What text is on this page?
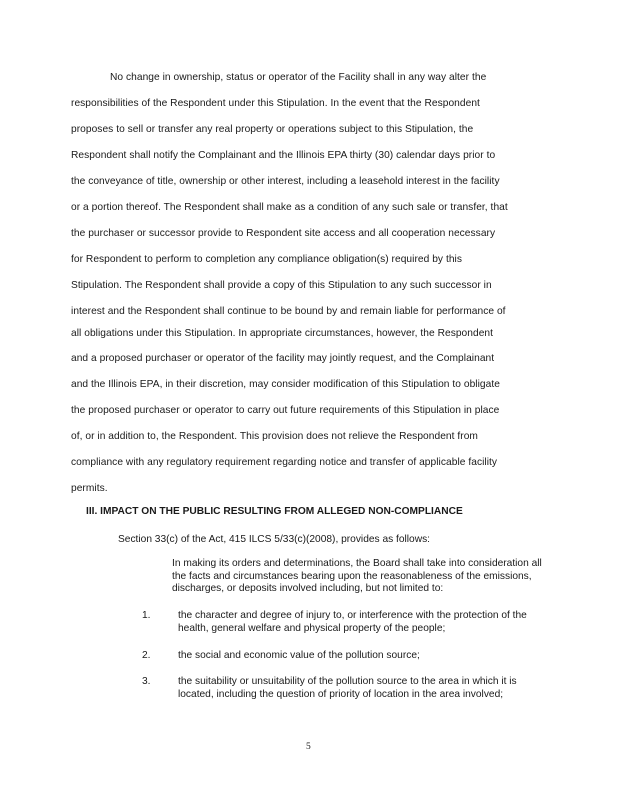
No change in ownership, status or operator of the Facility shall in any way alter the
responsibilities of the Respondent under this Stipulation. In the event that the Respondent
proposes to sell or transfer any real property or operations subject to this Stipulation, the
Respondent shall notify the Complainant and the Illinois EPA thirty (30) calendar days prior to
the conveyance of title, ownership or other interest, including a leasehold interest in the facility
or a portion thereof. The Respondent shall make as a condition of any such sale or transfer, that
the purchaser or successor provide to Respondent site access and all cooperation necessary
for Respondent to perform to completion any compliance obligation(s) required by this
Stipulation. The Respondent shall provide a copy of this Stipulation to any such successor in
interest and the Respondent shall continue to be bound by and remain liable for performance of
all obligations under this Stipulation. In appropriate circumstances, however, the Respondent
and a proposed purchaser or operator of the facility may jointly request, and the Complainant
and the Illinois EPA, in their discretion, may consider modification of this Stipulation to obligate
the proposed purchaser or operator to carry out future requirements of this Stipulation in place
of, or in addition to, the Respondent. This provision does not relieve the Respondent from
compliance with any regulatory requirement regarding notice and transfer of applicable facility
permits.
III. IMPACT ON THE PUBLIC RESULTING FROM ALLEGED NON-COMPLIANCE
Section 33(c) of the Act, 415 ILCS 5/33(c)(2008), provides as follows:
In making its orders and determinations, the Board shall take into consideration all the facts and circumstances bearing upon the reasonableness of the emissions, discharges, or deposits involved including, but not limited to:
1.	the character and degree of injury to, or interference with the protection of the health, general welfare and physical property of the people;
2.	the social and economic value of the pollution source;
3.	the suitability or unsuitability of the pollution source to the area in which it is located, including the question of priority of location in the area involved;
5
